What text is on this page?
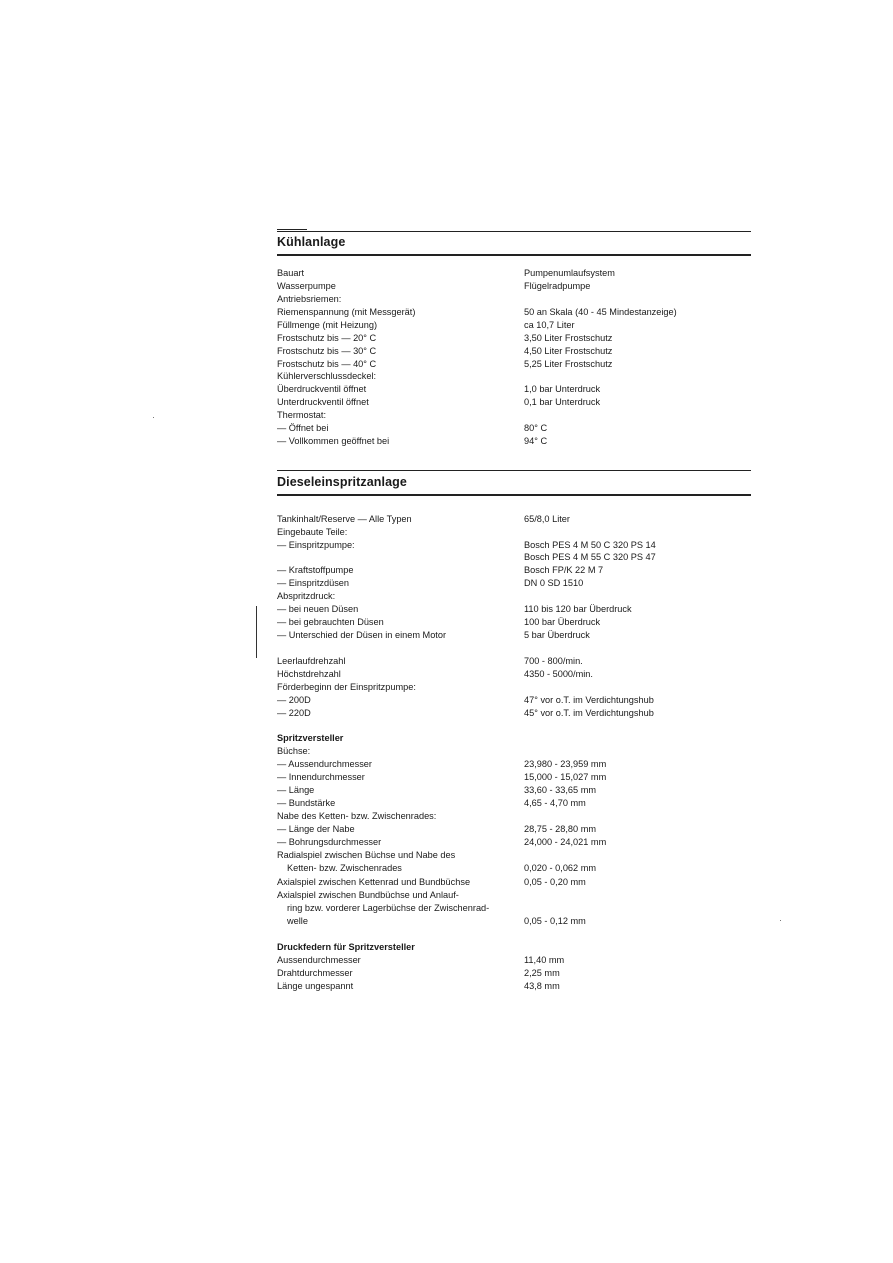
Kühlanlage
Bauart	Pumpenumlaufsystem
Wasserpumpe	Flügelradpumpe
Antriebsriemen:
Riemenspannung (mit Messgerät)	50 an Skala (40 - 45 Mindestanzeige)
Füllmenge (mit Heizung)	ca 10,7 Liter
Frostschutz bis — 20° C	3,50 Liter Frostschutz
Frostschutz bis — 30° C	4,50 Liter Frostschutz
Frostschutz bis — 40° C	5,25 Liter Frostschutz
Kühlerverschlussdeckel:
Überdruckventil öffnet	1,0 bar Unterdruck
Unterdruckventil öffnet	0,1 bar Unterdruck
Thermostat:
— Öffnet bei	80° C
— Vollkommen geöffnet bei	94° C
Dieseleinspritzanlage
Tankinhalt/Reserve — Alle Typen	65/8,0 Liter
Eingebaute Teile:
— Einspritzpumpe:	Bosch PES 4 M 50 C 320 PS 14
Bosch PES 4 M 55 C 320 PS 47
— Kraftstoffpumpe	Bosch FP/K 22 M 7
— Einspritzdüsen	DN 0 SD 1510
Abspritzdruck:
— bei neuen Düsen	110 bis 120 bar Überdruck
— bei gebrauchten Düsen	100 bar Überdruck
— Unterschied der Düsen in einem Motor	5 bar Überdruck
Leerlaufdrehzahl	700 - 800/min.
Höchstdrehzahl	4350 - 5000/min.
Förderbeginn der Einspritzpumpe:
— 200D	47° vor o.T. im Verdichtungshub
— 220D	45° vor o.T. im Verdichtungshub
Spritzversteller
Büchse:
— Aussendurchmesser	23,980 - 23,959 mm
— Innendurchmesser	15,000 - 15,027 mm
— Länge	33,60 - 33,65 mm
— Bundstärke	4,65 - 4,70 mm
Nabe des Ketten- bzw. Zwischenrades:
— Länge der Nabe	28,75 - 28,80 mm
— Bohrungsdurchmesser	24,000 - 24,021 mm
Radialspiel zwischen Büchse und Nabe des
Ketten- bzw. Zwischenrades	0,020 - 0,062 mm
Axialspiel zwischen Kettenrad und Bundbüchse	0,05 - 0,20 mm
Axialspiel zwischen Bundbüchse und Anlauf-
ring bzw. vorderer Lagerbüchse der Zwischenrad-
welle	0,05 - 0,12 mm
Druckfedern für Spritzversteller
Aussendurchmesser	11,40 mm
Drahtdurchmesser	2,25 mm
Länge ungespannt	43,8 mm
